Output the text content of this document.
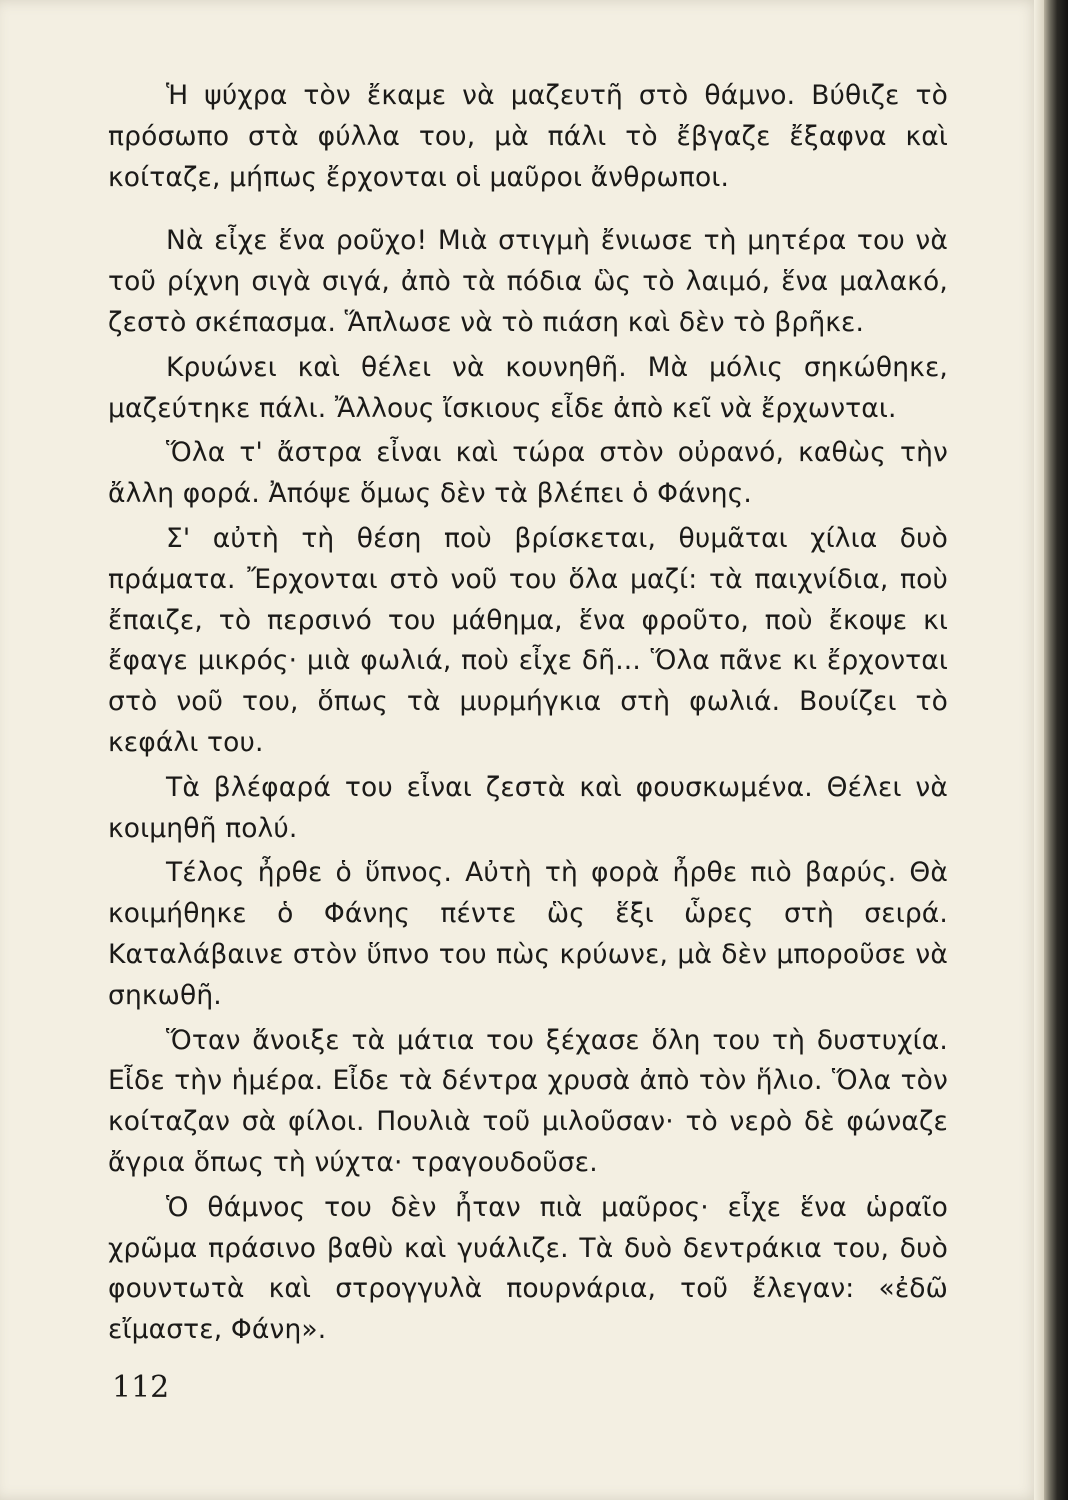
Ἡ ψύχρα τὸν ἔκαμε νὰ μαζευτῆ στὸ θάμνο. Βύθιζε τὸ πρόσωπο στὰ φύλλα του, μὰ πάλι τὸ ἔβγαζε ἔξαφνα καὶ κοίταζε, μήπως ἔρχονται οἱ μαῦροι ἄνθρωποι.

Νὰ εἶχε ἕνα ροῦχο! Μιὰ στιγμὴ ἔνιωσε τὴ μητέρα του νὰ τοῦ ρίχνη σιγὰ σιγά, ἀπὸ τὰ πόδια ὣς τὸ λαιμό, ἕνα μαλακό, ζεστὸ σκέπασμα. Ἅπλωσε νὰ τὸ πιάση καὶ δὲν τὸ βρῆκε.

Κρυώνει καὶ θέλει νὰ κουνηθῆ. Μὰ μόλις σηκώθηκε, μαζεύτηκε πάλι. Ἄλλους ἴσκιους εἶδε ἀπὸ κεῖ νὰ ἔρχωνται.

Ὅλα τ' ἄστρα εἶναι καὶ τώρα στὸν οὐρανό, καθὼς τὴν ἄλλη φορά. Ἀπόψε ὅμως δὲν τὰ βλέπει ὁ Φάνης.

Σ' αὐτὴ τὴ θέση ποὺ βρίσκεται, θυμᾶται χίλια δυὸ πράματα. Ἔρχονται στὸ νοῦ του ὅλα μαζί: τὰ παιχνίδια, ποὺ ἔπαιζε, τὸ περσινό του μάθημα, ἕνα φροῦτο, ποὺ ἔκοψε κι ἔφαγε μικρός· μιὰ φωλιά, ποὺ εἶχε δῆ... Ὅλα πᾶνε κι ἔρχονται στὸ νοῦ του, ὅπως τὰ μυρμήγκια στὴ φωλιά. Βουίζει τὸ κεφάλι του.

Τὰ βλέφαρά του εἶναι ζεστὰ καὶ φουσκωμένα. Θέλει νὰ κοιμηθῆ πολύ.

Τέλος ἦρθε ὁ ὕπνος. Αὐτὴ τὴ φορὰ ἦρθε πιὸ βαρύς. Θὰ κοιμήθηκε ὁ Φάνης πέντε ὣς ἕξι ὧρες στὴ σειρά. Καταλάβαινε στὸν ὕπνο του πὼς κρύωνε, μὰ δὲν μποροῦσε νὰ σηκωθῆ.

Ὅταν ἄνοιξε τὰ μάτια του ξέχασε ὅλη του τὴ δυστυχία. Εἶδε τὴν ἡμέρα. Εἶδε τὰ δέντρα χρυσὰ ἀπὸ τὸν ἥλιο. Ὅλα τὸν κοίταζαν σὰ φίλοι. Πουλιὰ τοῦ μιλοῦσαν· τὸ νερὸ δὲ φώναζε ἄγρια ὅπως τὴ νύχτα· τραγουδοῦσε.

Ὁ θάμνος του δὲν ἦταν πιὰ μαῦρος· εἶχε ἕνα ὡραῖο χρῶμα πράσινο βαθὺ καὶ γυάλιζε. Τὰ δυὸ δεντράκια του, δυὸ φουντωτὰ καὶ στρογγυλὰ πουρνάρια, τοῦ ἔλεγαν: «ἐδῶ εἴμαστε, Φάνη».

112
